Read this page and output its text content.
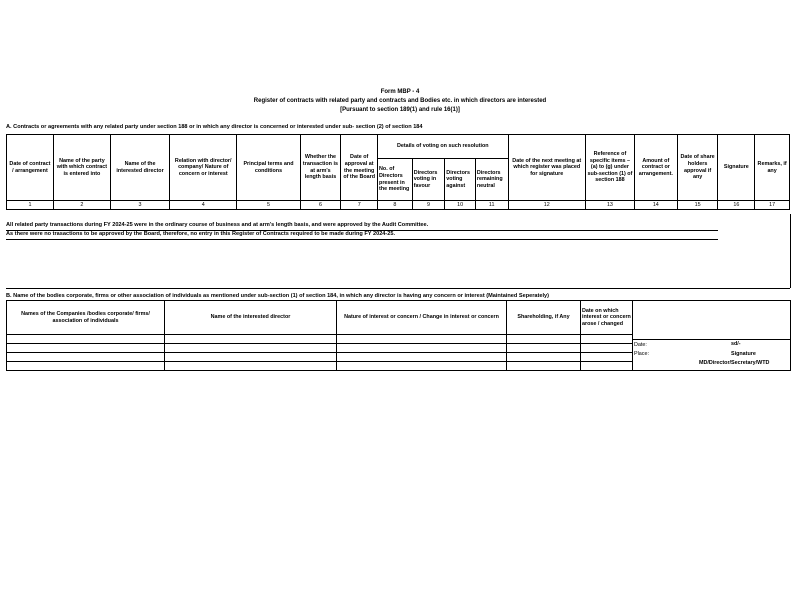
Form MBP - 4
Register of contracts with related party and contracts and Bodies etc. in which directors are interested
[Pursuant to section 189(1) and rule 16(1)]
A. Contracts or agreements with any related party under section 188 or in which any director is concerned or interested under sub- section (2) of section 184
Date of contract / arrangement	Name of the party with which contract is entered into	Name of the interested director	Relation with director/ company/ Nature of concern or interest	Principal terms and conditions	Whether the transaction is at arm's length basis	Date of approval at the meeting of the Board	Details of voting on such resolution				Date of the next meeting at which register was placed for signature	Reference of specific items – (a) to (g) under sub-section (1) of section 188	Amount of contract or arrangement.	Date of share holders approval if any	Signature	Remarks, if any
							No. of Directors present in the meeting	Directors voting in favour	Directors voting against	Directors remaining neutral						
1	2	3	4	5	6	7	8	9	10	11	12	13	14	15	16	17
All related party transactions during FY 2024-25 were in the ordinary course of business and at arm's length basis, and were approved by the Audit Committee.
As there were no trasactions to be approved by the Board, therefore, no entry in this Register of Contracts required to be made during FY 2024-25.
B. Name of the bodies corporate, firms or other association of individuals as mentioned under sub-section (1) of section 184, in which any director is having any concern or interest (Maintained Seperately)
Names of the Companies /bodies corporate/ firms/ association of individuals	Name of the interested director	Nature of interest or concern / Change in interest or concern	Shareholding, if Any	Date on which interest or concern arose / changed	Date: sd/-
Place: Signature
MD/Director/Secretary/WTD
